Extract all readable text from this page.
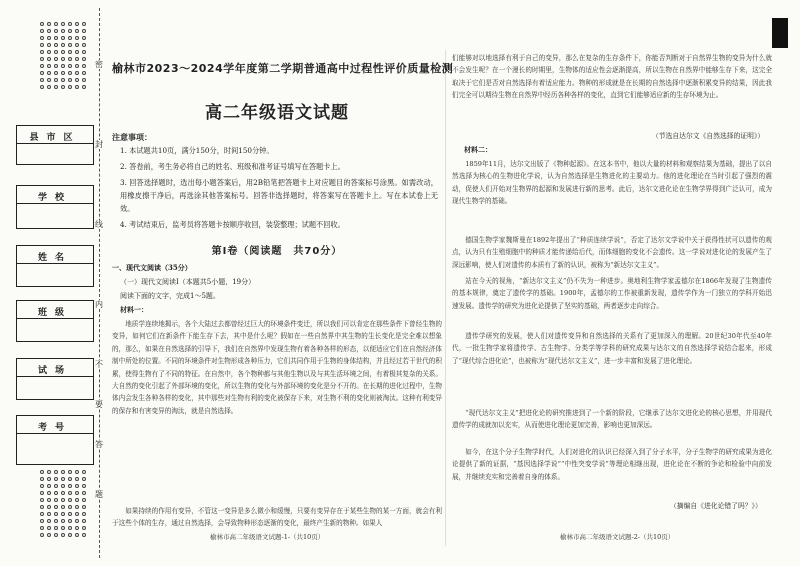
密
封
线
内
不
要
答
题
县市区
学校
姓名
班级
试场
考号
榆林市2023～2024学年度第二学期普通高中过程性评价质量检测
高二年级语文试题
注意事项：
1. 本试题共10页，满分150分，时间150分钟。
2. 答卷前，考生务必将自己的姓名、班级和准考证号填写在答题卡上。
3. 回答选择题时，选出每小题答案后，用2B铅笔把答题卡上对应题目的答案标号涂黑。如需改动，用橡皮擦干净后，再选涂其他答案标号。回答非选择题时，将答案写在答题卡上。写在本试卷上无效。
4. 考试结束后，监考员将答题卡按顺序收回，装袋整理；试题不回收。
第Ⅰ卷（阅读题　共70分）
一、现代文阅读（35分）
（一）现代文阅读Ⅰ（本题共5小题，19分）
阅读下面的文字，完成1～5题。
材料一：
地质学连续地揭示，各个大陆过去都曾经过巨大的环境条件变迁，所以我们可以肯定在那些条件下曾经生物的变异，如何它们在新条件下能生存下去，其中是什么呢？假如在一些自然界中其生物的生长变化是完全难以想象的，那么，如果在自然选择的引导下，我们在自然界中发现生物有着各种各样的形态，以便适应它们在自然经济体制中所处的位置。不同的环境条件对生物形成各种压力，它们共同作用于生物的身体结构，并且经过若干世代的积累，使得生物有了不同的特征。在自然中，各个物种都与其他生物以及与其生活环境之间，有着极其复杂的关系。大自然的变化引起了外部环境的变化，所以生物的变化与外部环境的变化是分不开的。在长期的进化过程中，生物体内会发生各种各样的变化，其中那些对生物有利的变化被保存下来，对生物不利的变化则被淘汰。这种有利变异的保存和有害变异的淘汰，就是自然选择。
如果持续的作用有变异，不管这一变异是多么微小和缓慢，只要有变异存在于某些生物的某一方面，就会有利于这些个体的生存，通过自然选择，会导致物种形态逐渐的变化，最终产生新的物种。如果人
榆林市高二年级语文试题-1-（共10页）
们能够对以地选择有利于自己的变异，那么在复杂的生存条件下，你能否判断对于自然界生物的变异为什么就不会发生呢？在一个漫长的时期里，生物体的适应性会逐渐提高，所以生物在自然界中能够生存下来，这完全取决于它们是否对自然选择有着适应能力。物种的形成就是在长期的自然选择中逐渐积累变异的结果，因此我们完全可以期待生物在自然界中经历各种各样的变化，直到它们能够适应新的生存环境为止。
（节选自达尔文《自然选择的证明》）
材料二：
1859年11月，达尔文出版了《物种起源》。在这本书中，他以大量的材料和观察结果为基础，提出了以自然选择为核心的生物进化学说，认为自然选择是生物进化的主要动力。他的进化理论在当时引起了强烈的震动，促使人们开始对生物界的起源和发展进行新的思考。此后，达尔文进化论在生物学界得到广泛认可，成为现代生物学的基础。
德国生物学家魏斯曼在1892年提出了“种质连续学说”，否定了达尔文学说中关于获得性状可以遗传的观点，认为只有生殖细胞中的种质才能传递给后代，而体细胞的变化不会遗传。这一学说对进化论的发展产生了深远影响，使人们对遗传的本质有了新的认识，被称为“新达尔文主义”。
站在今天的视角，“新达尔文主义”仍不失为一种进步。奥地利生物学家孟德尔在1866年发现了生物遗传的基本规律，奠定了遗传学的基础。1900年，孟德尔的工作被重新发现，遗传学作为一门独立的学科开始迅速发展。遗传学的研究为进化论提供了坚实的基础，两者逐步走向综合。
遗传学研究的发展，使人们对遗传变异和自然选择的关系有了更加深入的理解。20世纪30年代至40年代，一批生物学家将遗传学、古生物学、分类学等学科的研究成果与达尔文的自然选择学说结合起来，形成了“现代综合进化论”，也被称为“现代达尔文主义”，进一步丰富和发展了进化理论。
“现代达尔文主义”把进化论的研究推进到了一个新的阶段，它继承了达尔文进化论的核心思想，并用现代遗传学的成就加以充实，从而使进化理论更加完善，影响也更加深远。
如今，在这个分子生物学时代，人们对进化的认识已经深入到了分子水平，分子生物学的研究成果为进化论提供了新的证据，“基因选择学说”“中性突变学说”等理论相继出现，进化论在不断的争论和检验中向前发展，并继续充实和完善着自身的体系。
（摘编自《进化论错了吗？》）
榆林市高二年级语文试题-2-（共10页）
